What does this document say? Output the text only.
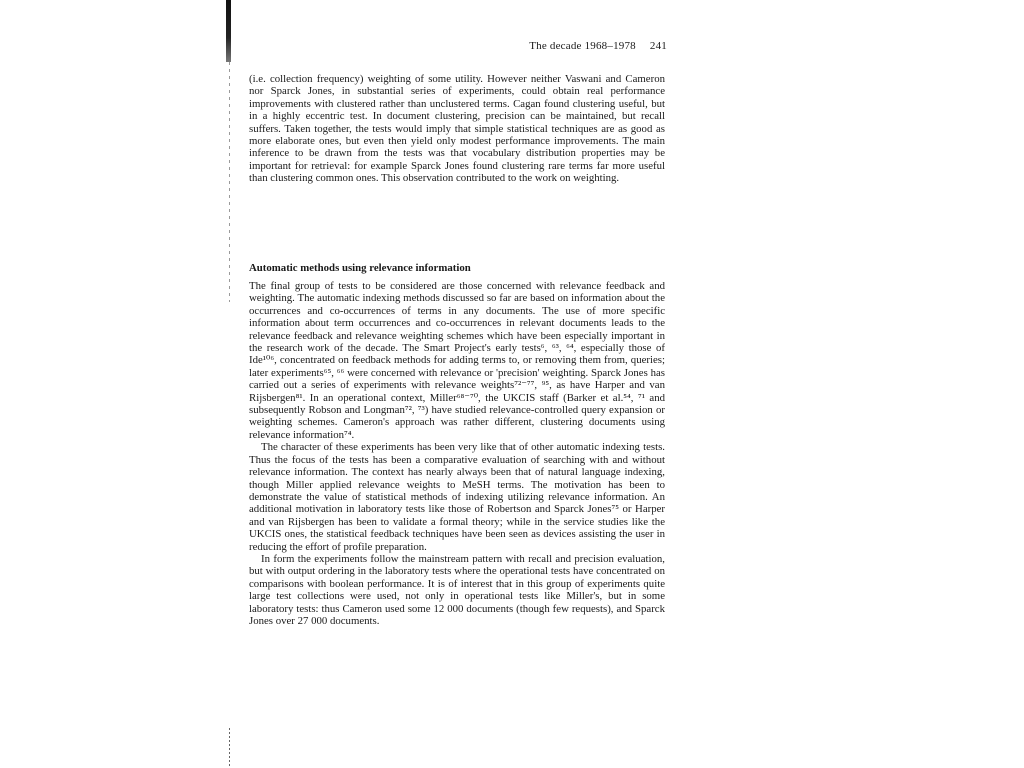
The decade 1968–1978 241

(i.e. collection frequency) weighting of some utility. However neither Vaswani and Cameron nor Sparck Jones, in substantial series of experiments, could obtain real performance improvements with clustered rather than unclustered terms. Cagan found clustering useful, but in a highly eccentric test. In document clustering, precision can be maintained, but recall suffers. Taken together, the tests would imply that simple statistical techniques are as good as more elaborate ones, but even then yield only modest performance improvements. The main inference to be drawn from the tests was that vocabulary distribution properties may be important for retrieval: for example Sparck Jones found clustering rare terms far more useful than clustering common ones. This observation contributed to the work on weighting.

Automatic methods using relevance information

The final group of tests to be considered are those concerned with relevance feedback and weighting. The automatic indexing methods discussed so far are based on information about the occurrences and co-occurrences of terms in any documents. The use of more specific information about term occurrences and co-occurrences in relevant documents leads to the relevance feedback and relevance weighting schemes which have been especially important in the research work of the decade. The Smart Project's early tests⁶, ⁶³, ⁶⁴, especially those of Ide¹⁰⁶, concentrated on feedback methods for adding terms to, or removing them from, queries; later experiments⁶⁵, ⁶⁶ were concerned with relevance or 'precision' weighting. Sparck Jones has carried out a series of experiments with relevance weights⁷²⁻⁷⁷, ⁹⁵, as have Harper and van Rijsbergen⁸¹. In an operational context, Miller⁶⁸⁻⁷⁰, the UKCIS staff (Barker et al.⁵⁴, ⁷¹ and subsequently Robson and Longman⁷², ⁷³) have studied relevance-controlled query expansion or weighting schemes. Cameron's approach was rather different, clustering documents using relevance information⁷⁴.

The character of these experiments has been very like that of other automatic indexing tests. Thus the focus of the tests has been a comparative evaluation of searching with and without relevance information. The context has nearly always been that of natural language indexing, though Miller applied relevance weights to MeSH terms. The motivation has been to demonstrate the value of statistical methods of indexing utilizing relevance information. An additional motivation in laboratory tests like those of Robertson and Sparck Jones⁷⁵ or Harper and van Rijsbergen has been to validate a formal theory; while in the service studies like the UKCIS ones, the statistical feedback techniques have been seen as devices assisting the user in reducing the effort of profile preparation.

In form the experiments follow the mainstream pattern with recall and precision evaluation, but with output ordering in the laboratory tests where the operational tests have concentrated on comparisons with boolean performance. It is of interest that in this group of experiments quite large test collections were used, not only in operational tests like Miller's, but in some laboratory tests: thus Cameron used some 12 000 documents (though few requests), and Sparck Jones over 27 000 documents.
